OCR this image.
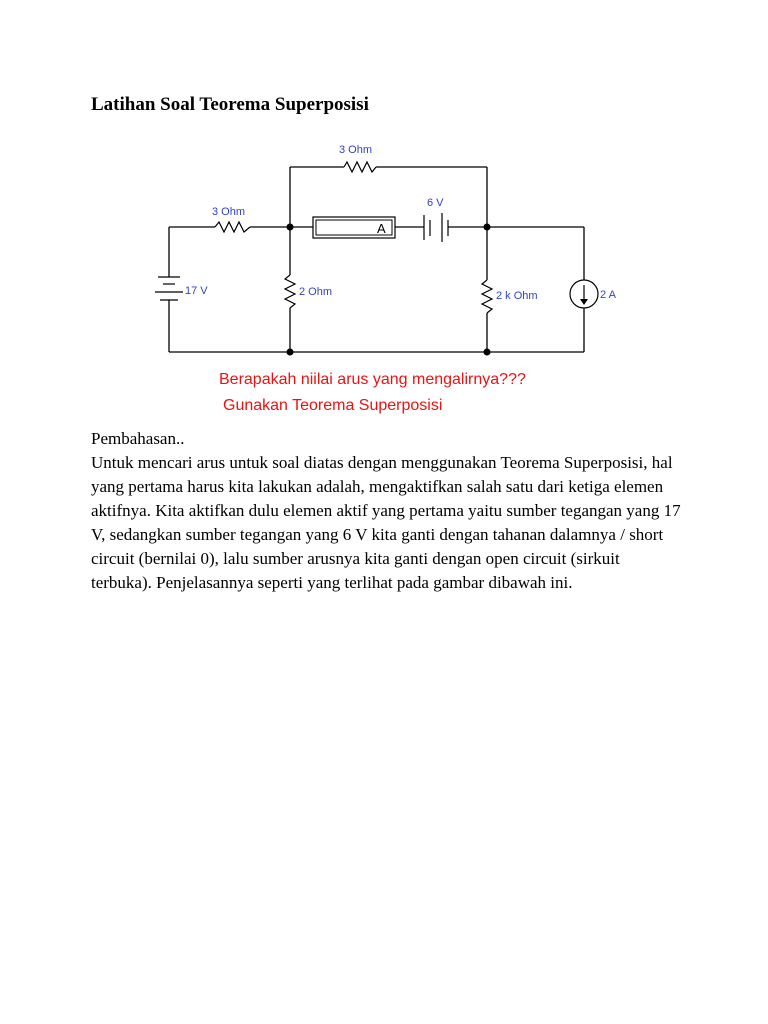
Latihan Soal Teorema Superposisi
3 Ohm
3 Ohm
17 V
A
6 V
2 Ohm	2 k Ohm	2 A
Berapakah niilai arus yang mengalirnya???
Gunakan Teorema Superposisi

Pembahasan..

Untuk mencari arus untuk soal diatas dengan menggunakan Teorema Superposisi, hal yang pertama harus kita lakukan adalah, mengaktifkan salah satu dari ketiga elemen aktifnya. Kita aktifkan dulu elemen aktif yang pertama yaitu sumber tegangan yang 17 V, sedangkan sumber tegangan yang 6 V kita ganti dengan tahanan dalamnya / short circuit (bernilai 0), lalu sumber arusnya kita ganti dengan open circuit (sirkuit terbuka). Penjelasannya seperti yang terlihat pada gambar dibawah ini.
